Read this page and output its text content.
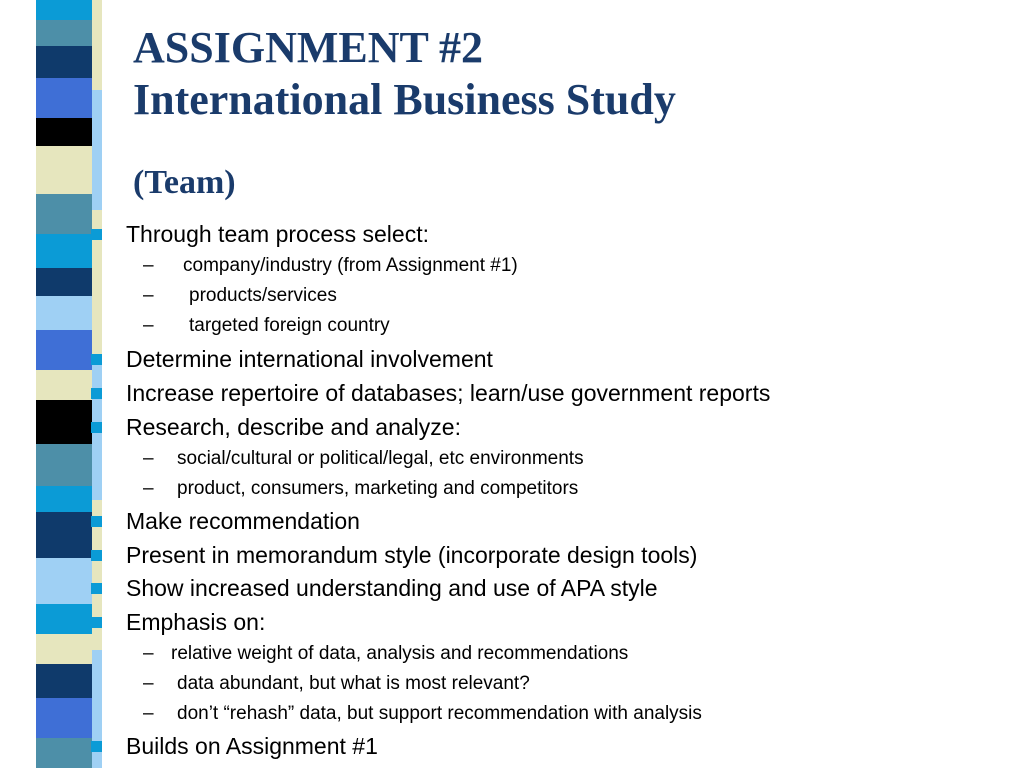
ASSIGNMENT #2
International Business Study
(Team)
Through team process select:
– company/industry (from Assignment #1)
– products/services
– targeted foreign country
Determine international involvement
Increase repertoire of databases; learn/use government reports
Research, describe and analyze:
– social/cultural or political/legal, etc environments
– product, consumers, marketing and competitors
Make recommendation
Present in memorandum style (incorporate design tools)
Show increased understanding and use of APA style
Emphasis on:
– relative weight of data, analysis and recommendations
– data abundant, but what is most relevant?
– don’t “rehash” data, but support recommendation with analysis
Builds on Assignment #1
